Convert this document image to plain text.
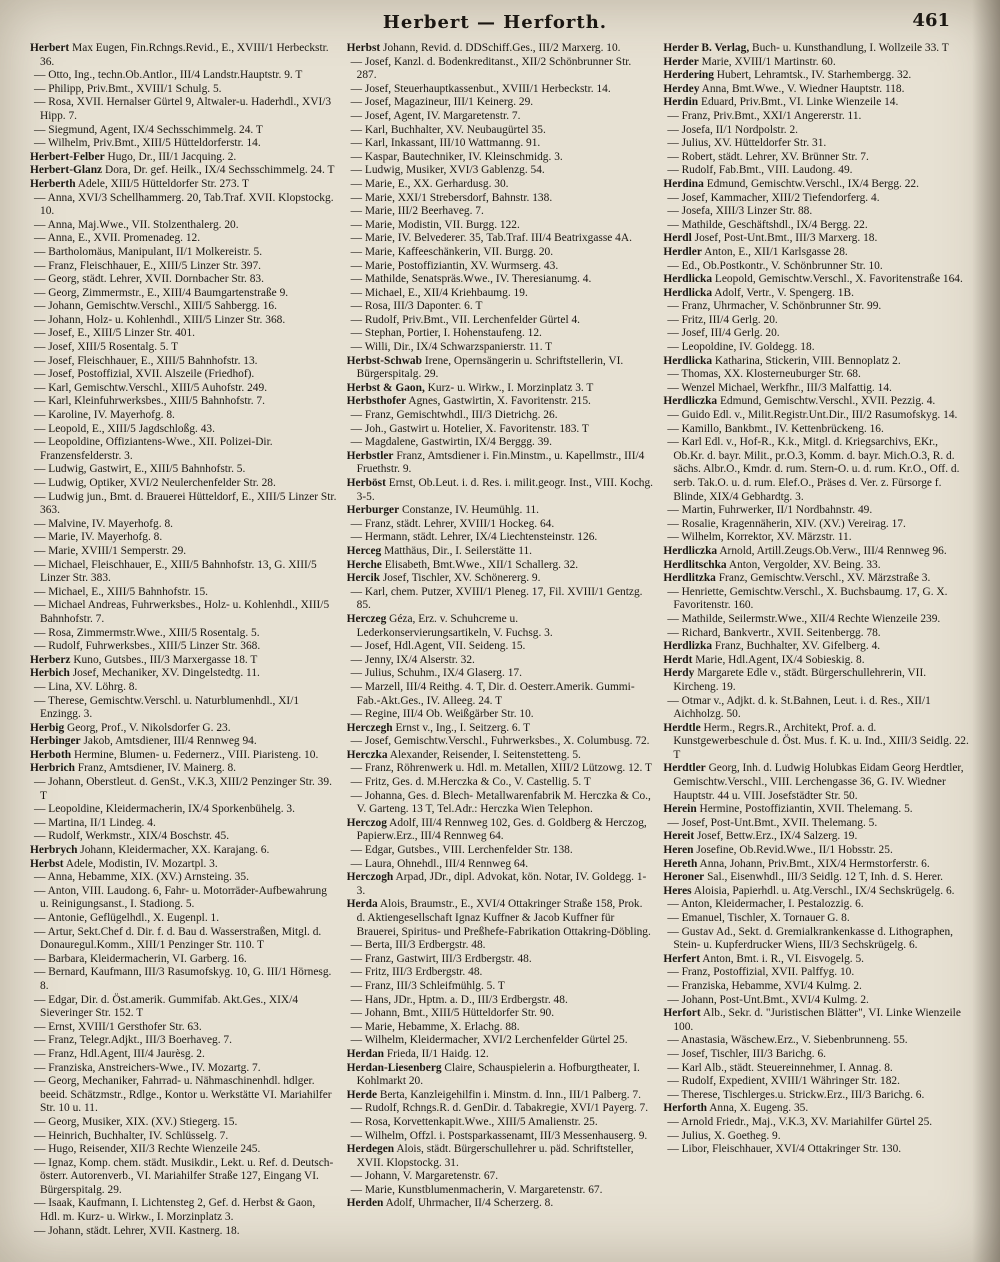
Herbert — Herforth.	461

Herbert Max Eugen, Fin.Rchngs.Revid., E., XVIII/1 Herbeckstr. 36.

— Otto, Ing., techn.Ob.Antlor., III/4 Landstr.Hauptstr. 9. T

— Philipp, Priv.Bmt., XVIII/1 Schulg. 5.

— Rosa, XVII. Hernalser Gürtel 9, Altwaler-u. Haderhdl., XVI/3 Hipp. 7.

— Siegmund, Agent, IX/4 Sechsschimmelg. 24. T

— Wilhelm, Priv.Bmt., XIII/5 Hütteldorferstr. 14.

Herbert-Felber Hugo, Dr., III/1 Jacquing. 2.

Herbert-Glanz Dora, Dr. gef. Heilk., IX/4 Sechsschimmelg. 24. T

Herberth Adele, XIII/5 Hütteldorfer Str. 273. T

— Anna, XVI/3 Schellhammerg. 20, Tab.Traf. XVII. Klopstockg. 10.

— Anna, Maj.Wwe., VII. Stolzenthalerg. 20.

— Anna, E., XVII. Promenadeg. 12.

— Bartholomäus, Manipulant, II/1 Molkereistr. 5.

— Franz, Fleischhauer, E., XIII/5 Linzer Str. 397.

— Georg, städt. Lehrer, XVII. Dornbacher Str. 83.

— Georg, Zimmermstr., E., XIII/4 Baumgartenstraße 9.

— Johann, Gemischtw.Verschl., XIII/5 Sahbergg. 16.

— Johann, Holz- u. Kohlenhdl., XIII/5 Linzer Str. 368.

— Josef, E., XIII/5 Linzer Str. 401.

— Josef, XIII/5 Rosentalg. 5. T

— Josef, Fleischhauer, E., XIII/5 Bahnhofstr. 13.

— Josef, Postoffizial, XVII. Alszeile (Friedhof).

— Karl, Gemischtw.Verschl., XIII/5 Auhofstr. 249.

— Karl, Kleinfuhrwerksbes., XIII/5 Bahnhofstr. 7.

— Karoline, IV. Mayerhofg. 8.

— Leopold, E., XIII/5 Jagdschloßg. 43.

— Leopoldine, Offiziantens-Wwe., XII. Polizei-Dir. Franzensfelderstr. 3.

— Ludwig, Gastwirt, E., XIII/5 Bahnhofstr. 5.

— Ludwig, Optiker, XVI/2 Neulerchenfelder Str. 28.

— Ludwig jun., Bmt. d. Brauerei Hütteldorf, E., XIII/5 Linzer Str. 363.

— Malvine, IV. Mayerhofg. 8.

— Marie, IV. Mayerhofg. 8.

— Marie, XVIII/1 Semperstr. 29.

— Michael, Fleischhauer, E., XIII/5 Bahnhofstr. 13, G. XIII/5 Linzer Str. 383.

— Michael, E., XIII/5 Bahnhofstr. 15.

— Michael Andreas, Fuhrwerksbes., Holz- u. Kohlenhdl., XIII/5 Bahnhofstr. 7.

— Rosa, Zimmermstr.Wwe., XIII/5 Rosentalg. 5.

— Rudolf, Fuhrwerksbes., XIII/5 Linzer Str. 368.

Herberz Kuno, Gutsbes., III/3 Marxergasse 18. T

Herbich Josef, Mechaniker, XV. Dingelstedtg. 11.

— Lina, XV. Löhrg. 8.

— Therese, Gemischtw.Verschl. u. Naturblumenhdl., XI/1 Enzingg. 3.

Herbig Georg, Prof., V. Nikolsdorfer G. 23.

Herbinger Jakob, Amtsdiener, III/4 Rennweg 94.

Herboth Hermine, Blumen- u. Federnerz., VIII. Piaristeng. 10.

Herbrich Franz, Amtsdiener, IV. Mainerg. 8.

— Johann, Oberstleut. d. GenSt., V.K.3, XIII/2 Penzinger Str. 39. T

— Leopoldine, Kleidermacherin, IX/4 Sporkenbühelg. 3.

— Martina, II/1 Lindeg. 4.

— Rudolf, Werkmstr., XIX/4 Boschstr. 45.

Herbrych Johann, Kleidermacher, XX. Karajang. 6.

Herbst Adele, Modistin, IV. Mozartpl. 3.

— Anna, Hebamme, XIX. (XV.) Arnsteing. 35.

— Anton, VIII. Laudong. 6, Fahr- u. Motorräder-Aufbewahrung u. Reinigungsanst., I. Stadiong. 5.

— Antonie, Geflügelhdl., X. Eugenpl. 1.

— Artur, Sekt.Chef d. Dir. f. d. Bau d. Wasserstraßen, Mitgl. d. Donauregul.Komm., XIII/1 Penzinger Str. 110. T

— Barbara, Kleidermacherin, VI. Garberg. 16.

— Bernard, Kaufmann, III/3 Rasumofskyg. 10, G. III/1 Hörnesg. 8.

— Edgar, Dir. d. Öst.amerik. Gummifab. Akt.Ges., XIX/4 Sieveringer Str. 152. T

— Ernst, XVIII/1 Gersthofer Str. 63.

— Franz, Telegr.Adjkt., III/3 Boerhaveg. 7.

— Franz, Hdl.Agent, III/4 Jaurèsg. 2.

— Franziska, Anstreichers-Wwe., IV. Mozartg. 7.

— Georg, Mechaniker, Fahrrad- u. Nähmaschinenhdl. hdlger. beeid. Schätzmstr., Rdlge., Kontor u. Werkstätte VI. Mariahilfer Str. 10 u. 11.

— Georg, Musiker, XIX. (XV.) Stiegerg. 15.

— Heinrich, Buchhalter, IV. Schlüsselg. 7.

— Hugo, Reisender, XII/3 Rechte Wienzeile 245.

— Ignaz, Komp. chem. städt. Musikdir., Lekt. u. Ref. d. Deutsch-österr. Autorenverb., VI. Mariahilfer Straße 127, Eingang VI. Bürgerspitalg. 29.

— Isaak, Kaufmann, I. Lichtensteg 2, Gef. d. Herbst & Gaon, Hdl. m. Kurz- u. Wirkw., I. Morzinplatz 3.

— Johann, städt. Lehrer, XVII. Kastnerg. 18.

Herbst Johann, Revid. d. DDSchiff.Ges., III/2 Marxerg. 10.

— Josef, Kanzl. d. Bodenkreditanst., XII/2 Schönbrunner Str. 287.

— Josef, Steuerhauptkassenbut., XVIII/1 Herbeckstr. 14.

— Josef, Magazineur, III/1 Keinerg. 29.

— Josef, Agent, IV. Margaretenstr. 7.

— Karl, Buchhalter, XV. Neubaugürtel 35.

— Karl, Inkassant, III/10 Wattmanng. 91.

— Kaspar, Bautechniker, IV. Kleinschmidg. 3.

— Ludwig, Musiker, XVI/3 Gablenzg. 54.

— Marie, E., XX. Gerhardusg. 30.

— Marie, XXI/1 Strebersdorf, Bahnstr. 138.

— Marie, III/2 Beerhaveg. 7.

— Marie, Modistin, VII. Burgg. 122.

— Marie, IV. Belvederег. 35, Tab.Traf. III/4 Beatrixgasse 4A.

— Marie, Kaffeeschänkerin, VII. Burgg. 20.

— Marie, Postoffiziantin, XV. Wurmserg. 43.

— Mathilde, Senatspräs.Wwe., IV. Theresianumg. 4.

— Michael, E., XII/4 Kriehbaumg. 19.

— Rosa, III/3 Dapontег. 6. T

— Rudolf, Priv.Bmt., VII. Lerchenfelder Gürtel 4.

— Stephan, Portier, I. Hohenstaufeng. 12.

— Willi, Dir., IX/4 Schwarzspanierstr. 11. T

Herbst-Schwab Irene, Opernsängerin u. Schriftstellerin, VI. Bürgerspitalg. 29.

Herbst & Gaon, Kurz- u. Wirkw., I. Morzinplatz 3. T

Herbsthofer Agnes, Gastwirtin, X. Favoritenstr. 215.

— Franz, Gemischtwhdl., III/3 Dietrichg. 26.

— Joh., Gastwirt u. Hotelier, X. Favoritenstr. 183. T

— Magdalene, Gastwirtin, IX/4 Berggg. 39.

Herbstler Franz, Amtsdiener i. Fin.Minstm., u. Kapellmstr., III/4 Fruethstr. 9.

Herböst Ernst, Ob.Leut. i. d. Res. i. milit.geogr. Inst., VIII. Kochg. 3-5.

Herburger Constanze, IV. Heumühlg. 11.

— Franz, städt. Lehrer, XVIII/1 Hockeg. 64.

— Hermann, städt. Lehrer, IX/4 Liechtensteinstr. 126.

Herceg Matthäus, Dir., I. Seilerstätte 11.

Herche Elisabeth, Bmt.Wwe., XII/1 Schallerg. 32.

Hercik Josef, Tischler, XV. Schönererg. 9.

— Karl, chem. Putzer, XVIII/1 Pleneg. 17, Fil. XVIII/1 Gentzg. 85.

Herczeg Géza, Erz. v. Schuhcreme u. Lederkonservierungsartikeln, V. Fuchsg. 3.

— Josef, Hdl.Agent, VII. Seideng. 15.

— Jenny, IX/4 Alserstr. 32.

— Julius, Schuhm., IX/4 Glaserg. 17.

— Marzell, III/4 Reithg. 4. T, Dir. d. Oesterr.Amerik. Gummi-Fab.-Akt.Ges., IV. Alleeg. 24. T

— Regine, III/4 Ob. Weißgärber Str. 10.

Herczegh Ernst v., Ing., I. Seitzerg. 6. T

— Josef, Gemischtw.Verschl., Fuhrwerksbes., X. Columbusg. 72.

Herczka Alexander, Reisender, I. Seitenstetteng. 5.

— Franz, Röhrenwerk u. Hdl. m. Metallen, XIII/2 Lützowg. 12. T

— Fritz, Ges. d. M.Herczka & Co., V. Castellig. 5. T

— Johanna, Ges. d. Blech- Metallwarenfabrik M. Herczka & Co., V. Garteng. 13 T, Tel.Adr.: Herczka Wien Telephon.

Herczog Adolf, III/4 Rennweg 102, Ges. d. Goldberg & Herczog, Papierw.Erz., III/4 Rennweg 64.

— Edgar, Gutsbes., VIII. Lerchenfelder Str. 138.

— Laura, Ohnehdl., III/4 Rennweg 64.

Herczogh Arpad, JDr., dipl. Advokat, kön. Notar, IV. Goldegg. 1-3.

Herda Alois, Braumstr., E., XVI/4 Ottakringer Straße 158, Prok. d. Aktiengesellschaft Ignaz Kuffner & Jacob Kuffner für Brauerei, Spiritus- und Preßhefe-Fabrikation Ottakring-Döbling.

— Berta, III/3 Erdbergstr. 48.

— Franz, Gastwirt, III/3 Erdbergstr. 48.

— Fritz, III/3 Erdbergstr. 48.

— Franz, III/3 Schleifmühlg. 5. T

— Hans, JDr., Hptm. a. D., III/3 Erdbergstr. 48.

— Johann, Bmt., XIII/5 Hütteldorfer Str. 90.

— Marie, Hebamme, X. Erlachg. 88.

— Wilhelm, Kleidermacher, XVI/2 Lerchenfelder Gürtel 25.

Herdan Frieda, II/1 Haidg. 12.

Herdan-Liesenberg Claire, Schauspielerin a. Hofburgtheater, I. Kohlmarkt 20.

Herde Berta, Kanzleigehilfin i. Minstm. d. Inn., III/1 Palberg. 7.

— Rudolf, Rchngs.R. d. GenDir. d. Tabakregie, XVI/1 Payerg. 7.

— Rosa, Korvettenkapit.Wwe., XIII/5 Amalienstr. 25.

— Wilhelm, Offzl. i. Postsparkassenamt, III/3 Messenhauserg. 9.

Herdegen Alois, städt. Bürgerschullehrer u. päd. Schriftsteller, XVII. Klopstockg. 31.

— Johann, V. Margaretenstr. 67.

— Marie, Kunstblumenmacherin, V. Margaretenstr. 67.

Herden Adolf, Uhrmacher, II/4 Scherzerg. 8.

Herder B. Verlag, Buch- u. Kunsthandlung, I. Wollzeile 33. T

Herder Marie, XVIII/1 Martinstr. 60.

Herdering Hubert, Lehramtsk., IV. Starhembergg. 32.

Herdey Anna, Bmt.Wwe., V. Wiedner Hauptstr. 118.

Herdin Eduard, Priv.Bmt., VI. Linke Wienzeile 14.

— Franz, Priv.Bmt., XXI/1 Angererstr. 11.

— Josefa, II/1 Nordpolstr. 2.

— Julius, XV. Hütteldorfer Str. 31.

— Robert, städt. Lehrer, XV. Brünner Str. 7.

— Rudolf, Fab.Bmt., VIII. Laudong. 49.

Herdina Edmund, Gemischtw.Verschl., IX/4 Bergg. 22.

— Josef, Kammacher, XIII/2 Tiefendorferg. 4.

— Josefa, XIII/3 Linzer Str. 88.

— Mathilde, Geschäftshdl., IX/4 Bergg. 22.

Herdl Josef, Post-Unt.Bmt., III/3 Marxerg. 18.

Herdler Anton, E., XII/1 Karlsgasse 28.

— Ed., Ob.Postkontr., V. Schönbrunner Str. 10.

Herdlicka Leopold, Gemischtw.Verschl., X. Favoritenstraße 164.

Herdlicka Adolf, Vertr., V. Spengerg. 1B.

— Franz, Uhrmacher, V. Schönbrunner Str. 99.

— Fritz, III/4 Gerlg. 20.

— Josef, III/4 Gerlg. 20.

— Leopoldine, IV. Goldegg. 18.

Herdlicka Katharina, Stickerin, VIII. Bennoplatz 2.

— Thomas, XX. Klosterneuburger Str. 68.

— Wenzel Michael, Werkfhr., III/3 Malfattig. 14.

Herdliczka Edmund, Gemischtw.Verschl., XVII. Pezzig. 4.

— Guido Edl. v., Milit.Registr.Unt.Dir., III/2 Rasumofskyg. 14.

— Kamillo, Bankbmt., IV. Kettenbrückeng. 16.

— Karl Edl. v., Hof-R., K.k., Mitgl. d. Kriegsarchivs, EKr., Ob.Kr. d. bayr. Milit., pr.O.3, Komm. d. bayr. Mich.O.3, R. d. sächs. Albr.O., Kmdr. d. rum. Stern-O. u. d. rum. Kr.O., Off. d. serb. Tak.O. u. d. rum. Elef.O., Präses d. Ver. z. Fürsorge f. Blinde, XIX/4 Gebhardtg. 3.

— Martin, Fuhrwerker, II/1 Nordbahnstr. 49.

— Rosalie, Kragennäherin, XIV. (XV.) Vereirag. 17.

— Wilhelm, Korrektor, XV. Märzstr. 11.

Herdliczka Arnold, Artill.Zeugs.Ob.Verw., III/4 Rennweg 96.

Herdlitschka Anton, Vergolder, XV. Being. 33.

Herdlitzka Franz, Gemischtw.Verschl., XV. Märzstraße 3.

— Henriette, Gemischtw.Verschl., X. Buchsbaumg. 17, G. X. Favoritenstr. 160.

— Mathilde, Seilermstr.Wwe., XII/4 Rechte Wienzeile 239.

— Richard, Bankvertr., XVII. Seitenbergg. 78.

Herdlizka Franz, Buchhalter, XV. Gifelberg. 4.

Herdt Marie, Hdl.Agent, IX/4 Sobieskig. 8.

Herdy Margarete Edle v., städt. Bürgerschullehrerin, VII. Kircheng. 19.

— Otmar v., Adjkt. d. k. St.Bahnen, Leut. i. d. Res., XII/1 Aichholzg. 50.

Herdtle Herm., Regrs.R., Architekt, Prof. a. d. Kunstgewerbeschule d. Öst. Mus. f. K. u. Ind., XIII/3 Seidlg. 22. T

Herdtler Georg, Inh. d. Ludwig Holubkas Eidam Georg Herdtler, Gemischtw.Verschl., VIII. Lerchengasse 36, G. IV. Wiedner Hauptstr. 44 u. VIII. Josefstädter Str. 50.

Herein Hermine, Postoffiziantin, XVII. Thelemang. 5.

— Josef, Post-Unt.Bmt., XVII. Thelemang. 5.

Hereit Josef, Bettw.Erz., IX/4 Salzerg. 19.

Heren Josefine, Ob.Revid.Wwe., II/1 Hobsstr. 25.

Hereth Anna, Johann, Priv.Bmt., XIX/4 Hermstorferstr. 6.

Heroner Sal., Eisenwhdl., III/3 Seidlg. 12 T, Inh. d. S. Herer.

Heres Aloisia, Papierhdl. u. Atg.Verschl., IX/4 Sechskrügelg. 6.

— Anton, Kleidermacher, I. Pestalozzig. 6.

— Emanuel, Tischler, X. Tornauer G. 8.

— Gustav Ad., Sekt. d. Gremialkrankenkasse d. Lithographen, Stein- u. Kupferdrucker Wiens, III/3 Sechskrügelg. 6.

Herfert Anton, Bmt. i. R., VI. Eisvogelg. 5.

— Franz, Postoffizial, XVII. Palffyg. 10.

— Franziska, Hebamme, XVI/4 Kulmg. 2.

— Johann, Post-Unt.Bmt., XVI/4 Kulmg. 2.

Herfort Alb., Sekr. d. "Juristischen Blätter", VI. Linke Wienzeile 100.

— Anastasia, Wäschew.Erz., V. Siebenbrunneng. 55.

— Josef, Tischler, III/3 Barichg. 6.

— Karl Alb., städt. Steuereinnehmer, I. Annag. 8.

— Rudolf, Expedient, XVIII/1 Währinger Str. 182.

— Therese, Tischlerges.u. Strickw.Erz., III/3 Barichg. 6.

Herforth Anna, X. Eugeng. 35.

— Arnold Friedr., Maj., V.K.3, XV. Mariahilfer Gürtel 25.

— Julius, X. Goetheg. 9.

— Libor, Fleischhauer, XVI/4 Ottakringer Str. 130.
